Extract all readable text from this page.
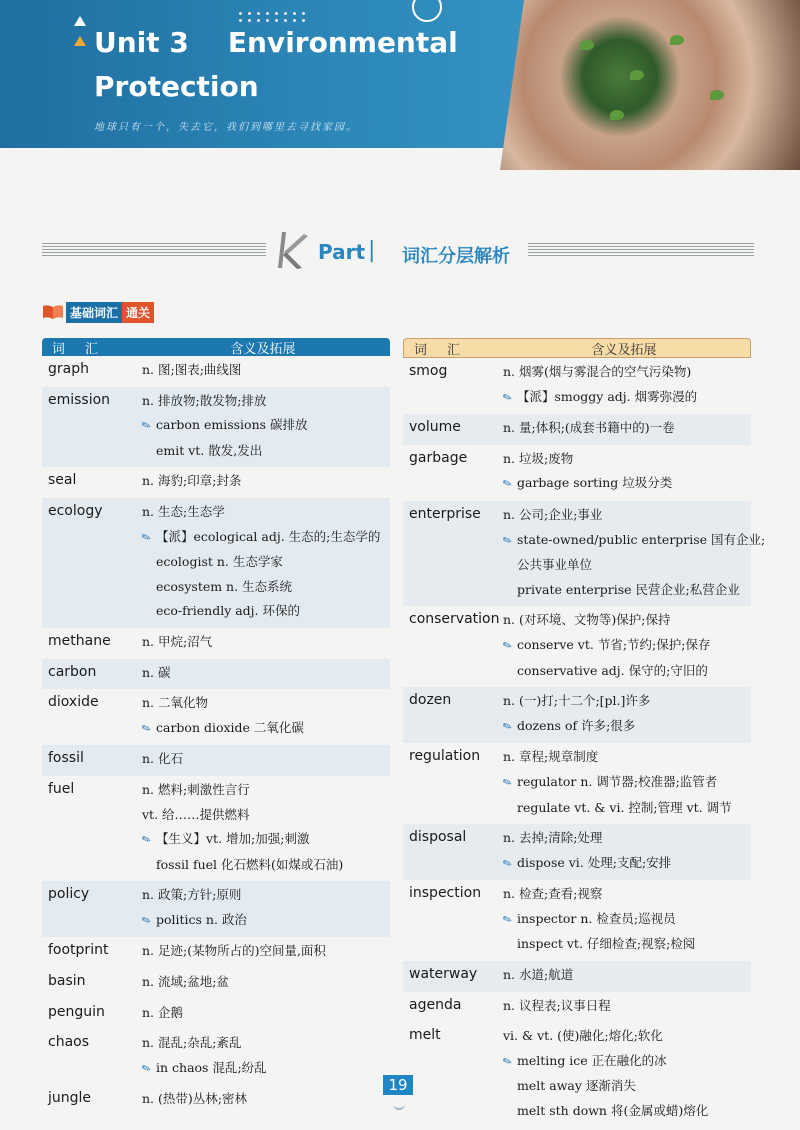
Unit 3    Environmental
Protection
地球只有一个，失去它，我们到哪里去寻找家园。
K Part | 词汇分层解析
基础词汇 通关
词 汇	含义及拓展
graph	n. 图;图表;曲线图
emission	n. 排放物;散发物;排放
✎ carbon emissions 碳排放
emit vt. 散发,发出
seal	n. 海豹;印章;封条
ecology	n. 生态;生态学
✎ 【派】ecological adj. 生态的;生态学的
ecologist n. 生态学家
ecosystem n. 生态系统
eco-friendly adj. 环保的
methane	n. 甲烷;沼气
carbon	n. 碳
dioxide	n. 二氧化物
✎ carbon dioxide 二氧化碳
fossil	n. 化石
fuel	n. 燃料;刺激性言行
vt. 给……提供燃料
✎ 【生义】vt. 增加;加强;刺激
fossil fuel 化石燃料(如煤或石油)
policy	n. 政策;方针;原则
✎ politics n. 政治
footprint	n. 足迹;(某物所占的)空间量,面积
basin	n. 流域;盆地;盆
penguin	n. 企鹅
chaos	n. 混乱;杂乱;紊乱
✎ in chaos 混乱;纷乱
jungle	n. (热带)丛林;密林
词 汇	含义及拓展
smog	n. 烟雾(烟与雾混合的空气污染物)
✎ 【派】smoggy adj. 烟雾弥漫的
volume	n. 量;体积;(成套书籍中的)一卷
garbage	n. 垃圾;废物
✎ garbage sorting 垃圾分类
enterprise	n. 公司;企业;事业
✎ state-owned/public enterprise 国有企业;
公共事业单位
private enterprise 民营企业;私营企业
conservation n. (对环境、文物等)保护;保持
✎ conserve vt. 节省;节约;保护;保存
conservative adj. 保守的;守旧的
dozen	n. (一)打;十二个;[pl.]许多
✎ dozens of 许多;很多
regulation	n. 章程;规章制度
✎ regulator n. 调节器;校准器;监管者
regulate vt. & vi. 控制;管理 vt. 调节
disposal	n. 去掉;清除;处理
✎ dispose vi. 处理;支配;安排
inspection	n. 检查;查看;视察
✎ inspector n. 检查员;巡视员
inspect vt. 仔细检查;视察;检阅
waterway	n. 水道;航道
agenda	n. 议程表;议事日程
melt	vi. & vt. (使)融化;熔化;软化
✎ melting ice 正在融化的冰
melt away 逐渐消失
melt sth down 将(金属或蜡)熔化
19
